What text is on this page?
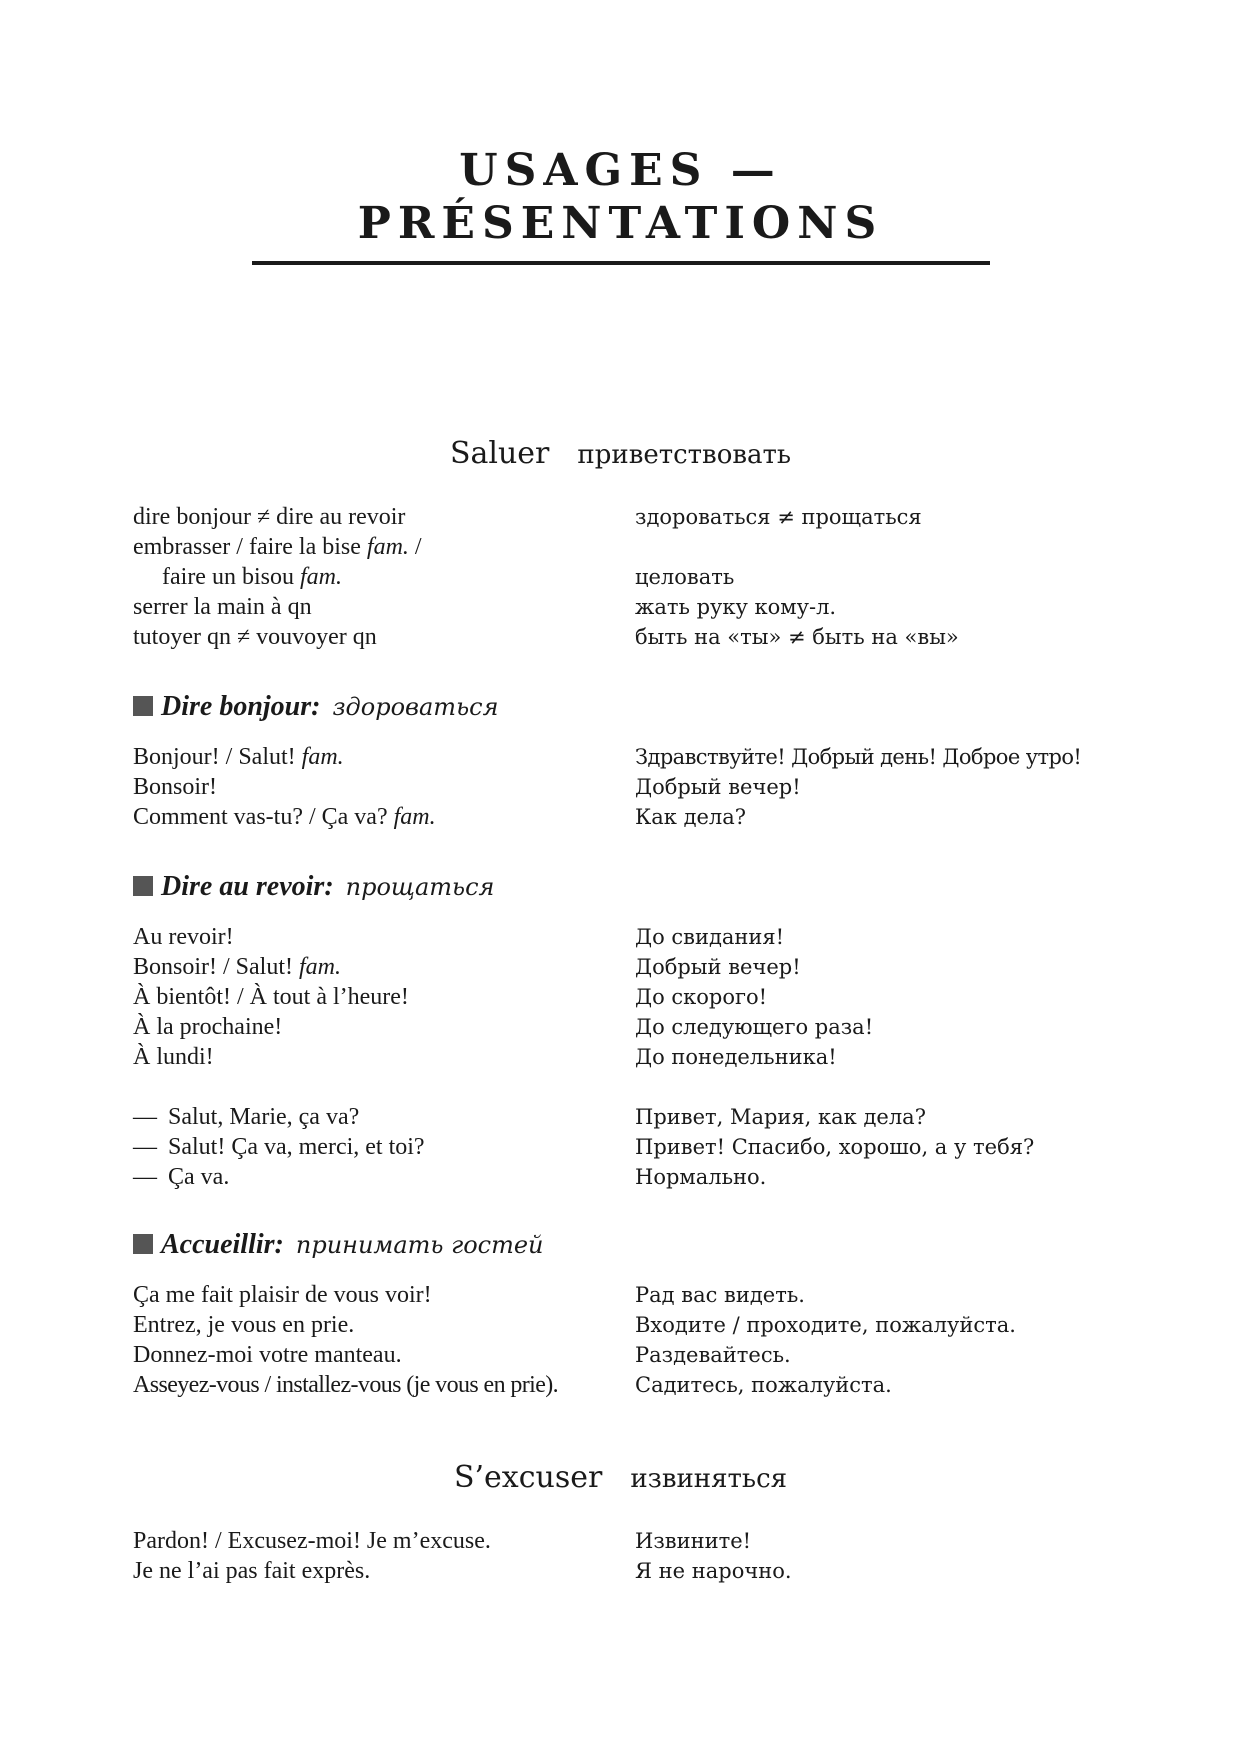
USAGES —
PRÉSENTATIONS
Saluer приветствовать
dire bonjour ≠ dire au revoir	здороваться ≠ прощаться
embrasser / faire la bise fam. /
faire un bisou fam.	целовать
serrer la main à qn	жать руку кому-л.
tutoyer qn ≠ vouvoyer qn	быть на «ты» ≠ быть на «вы»
Dire bonjour: здороваться
Bonjour! / Salut! fam.	Здравствуйте! Добрый день! Доброе утро!
Bonsoir!	Добрый вечер!
Comment vas-tu? / Ça va? fam.	Как дела?
Dire au revoir: прощаться
Au revoir!	До свидания!
Bonsoir! / Salut! fam.	Добрый вечер!
À bientôt! / À tout à l’heure!	До скорого!
À la prochaine!	До следующего раза!
À lundi!	До понедельника!
— Salut, Marie, ça va?	Привет, Мария, как дела?
— Salut! Ça va, merci, et toi?	Привет! Спасибо, хорошо, а у тебя?
— Ça va.	Нормально.
Accueillir: принимать гостей
Ça me fait plaisir de vous voir!	Рад вас видеть.
Entrez, je vous en prie.	Входите / проходите, пожалуйста.
Donnez-moi votre manteau.	Раздевайтесь.
Asseyez-vous / installez-vous (je vous en prie).	Садитесь, пожалуйста.
S’excuser извиняться
Pardon! / Excusez-moi! Je m’excuse.	Извините!
Je ne l’ai pas fait exprès.	Я не нарочно.
